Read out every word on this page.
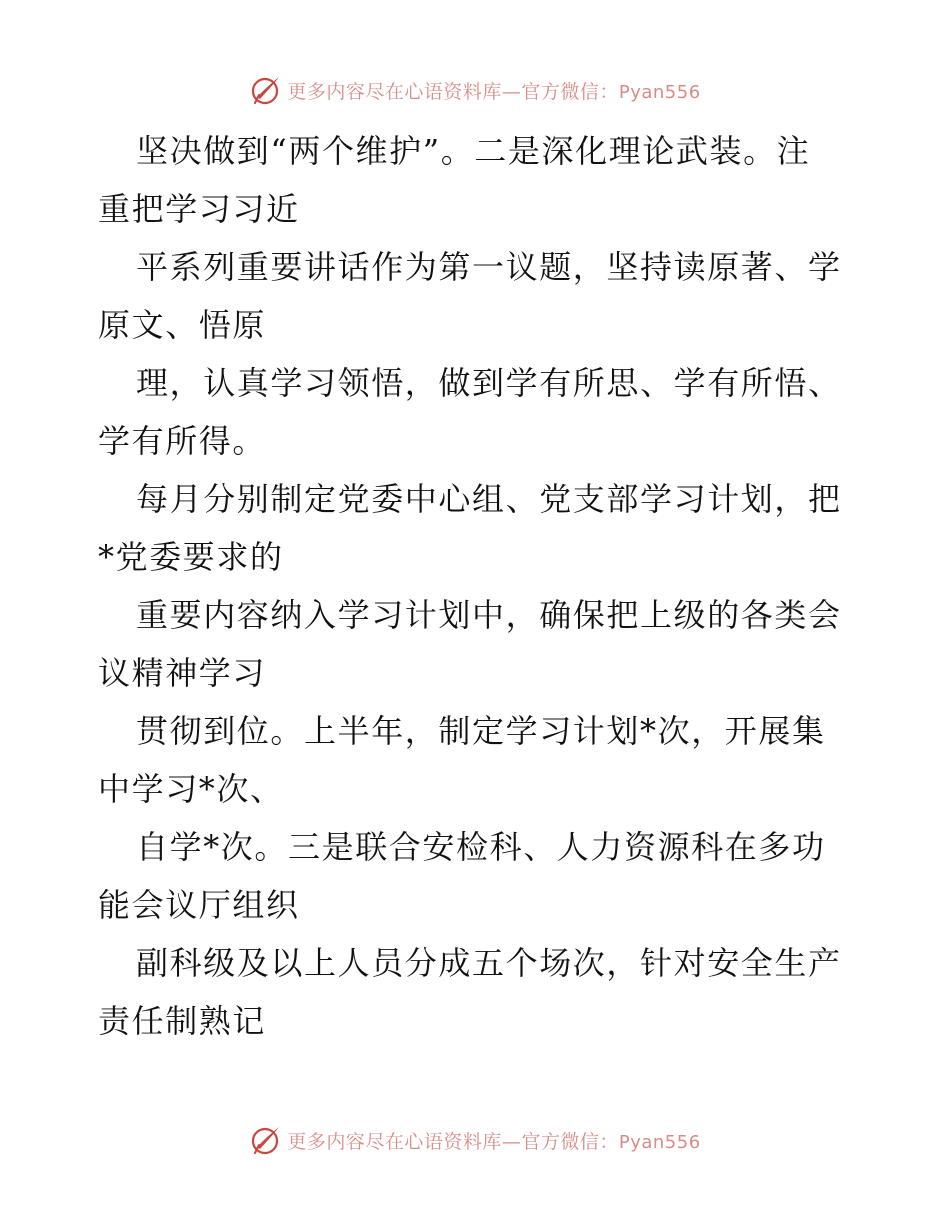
更多内容尽在心语资料库—官方微信：Pyan556

坚决做到“两个维护”。二是深化理论武装。注
重把学习习近

平系列重要讲话作为第一议题，坚持读原著、学
原文、悟原

理，认真学习领悟，做到学有所思、学有所悟、
学有所得。

每月分别制定党委中心组、党支部学习计划，把
*党委要求的

重要内容纳入学习计划中，确保把上级的各类会
议精神学习

贯彻到位。上半年，制定学习计划*次，开展集
中学习*次、

自学*次。三是联合安检科、人力资源科在多功
能会议厅组织

副科级及以上人员分成五个场次，针对安全生产
责任制熟记

更多内容尽在心语资料库—官方微信：Pyan556
